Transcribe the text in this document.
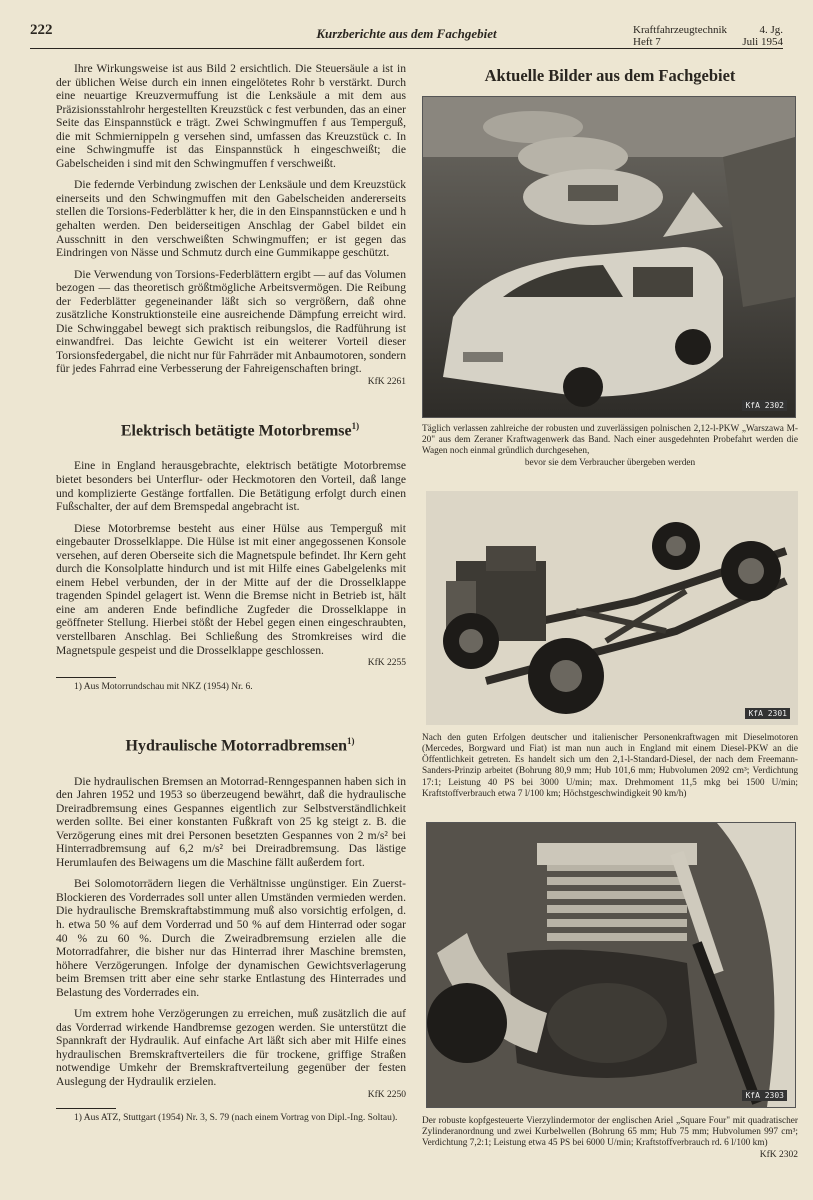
222	Kurzberichte aus dem Fachgebiet	Kraftfahrzeugtechnik	4. Jg.
Heft 7	Juli 1954

Ihre Wirkungsweise ist aus Bild 2 ersichtlich. Die Steuersäule a ist in der üblichen Weise durch ein innen eingelötetes Rohr b verstärkt. Durch eine neuartige Kreuzvermuffung ist die Lenksäule a mit dem aus Präzisionsstahlrohr hergestellten Kreuzstück c fest verbunden, das an einer Seite das Einspannstück e trägt. Zwei Schwingmuffen f aus Temperguß, die mit Schmiernippeln g versehen sind, umfassen das Kreuzstück c. In eine Schwingmuffe ist das Einspannstück h eingeschweißt; die Gabelscheiden i sind mit den Schwingmuffen f verschweißt.

Die federnde Verbindung zwischen der Lenksäule und dem Kreuzstück einerseits und den Schwingmuffen mit den Gabelscheiden andererseits stellen die Torsions-Federblätter k her, die in den Einspannstücken e und h gehalten werden. Den beiderseitigen Anschlag der Gabel bildet ein Ausschnitt in den verschweißten Schwingmuffen; er ist gegen das Eindringen von Nässe und Schmutz durch eine Gummikappe geschützt.

Die Verwendung von Torsions-Federblättern ergibt — auf das Volumen bezogen — das theoretisch größtmögliche Arbeitsvermögen. Die Reibung der Federblätter gegeneinander läßt sich so vergrößern, daß ohne zusätzliche Konstruktionsteile eine ausreichende Dämpfung erreicht wird. Die Schwinggabel bewegt sich praktisch reibungslos, die Radführung ist einwandfrei. Das leichte Gewicht ist ein weiterer Vorteil dieser Torsionsfedergabel, die nicht nur für Fahrräder mit Anbaumotoren, sondern für jedes Fahrrad eine Verbesserung der Fahreigenschaften bringt.

KfK 2261

Elektrisch betätigte Motorbremse$^{1)}$

Eine in England herausgebrachte, elektrisch betätigte Motorbremse bietet besonders bei Unterflur- oder Heckmotoren den Vorteil, daß lange und komplizierte Gestänge fortfallen. Die Betätigung erfolgt durch einen Fußschalter, der auf dem Bremspedal angebracht ist.

Diese Motorbremse besteht aus einer Hülse aus Temperguß mit eingebauter Drosselklappe. Die Hülse ist mit einer angegossenen Konsole versehen, auf deren Oberseite sich die Magnetspule befindet. Ihr Kern geht durch die Konsolplatte hindurch und ist mit Hilfe eines Gabelgelenks mit einem Hebel verbunden, der in der Mitte auf der die Drosselklappe tragenden Spindel gelagert ist. Wenn die Bremse nicht in Betrieb ist, hält eine am anderen Ende befindliche Zugfeder die Drosselklappe in geöffneter Stellung. Hierbei stößt der Hebel gegen einen eingeschraubten, verstellbaren Anschlag. Bei Schließung des Stromkreises wird die Magnetspule gespeist und die Drosselklappe geschlossen.

KfK 2255

1) Aus Motorrundschau mit NKZ (1954) Nr. 6.

Hydraulische Motorradbremsen$^{1)}$

Die hydraulischen Bremsen an Motorrad-Renngespannen haben sich in den Jahren 1952 und 1953 so überzeugend bewährt, daß die hydraulische Dreiradbremsung eines Gespannes eigentlich zur Selbstverständlichkeit werden sollte. Bei einer konstanten Fußkraft von 25 kg steigt z. B. die Verzögerung eines mit drei Personen besetzten Gespannes von 2 m/s² bei Hinterradbremsung auf 6,2 m/s² bei Dreiradbremsung. Das lästige Herumlaufen des Beiwagens um die Maschine fällt außerdem fort.

Bei Solomotorrädern liegen die Verhältnisse ungünstiger. Ein Zuerst-Blockieren des Vorderrades soll unter allen Umständen vermieden werden. Die hydraulische Bremskraftabstimmung muß also vorsichtig erfolgen, d. h. etwa 50 % auf dem Vorderrad und 50 % auf dem Hinterrad oder sogar 40 % zu 60 %. Durch die Zweiradbremsung erzielen alle die Motorradfahrer, die bisher nur das Hinterrad ihrer Maschine bremsten, höhere Verzögerungen. Infolge der dynamischen Gewichtsverlagerung beim Bremsen tritt aber eine sehr starke Entlastung des Hinterrades und Belastung des Vorderrades ein.

Um extrem hohe Verzögerungen zu erreichen, muß zusätzlich die auf das Vorderrad wirkende Handbremse gezogen werden. Sie unterstützt die Spannkraft der Hydraulik. Auf einfache Art läßt sich aber mit Hilfe eines hydraulischen Bremskraftverteilers die für trockene, griffige Straßen notwendige Umkehr der Bremskraftverteilung gegenüber der festen Auslegung der Hydraulik erzielen.

KfK 2250

1) Aus ATZ, Stuttgart (1954) Nr. 3, S. 79 (nach einem Vortrag von Dipl.-Ing. Soltau).

Aktuelle Bilder aus dem Fachgebiet

KfA 2302

Täglich verlassen zahlreiche der robusten und zuverlässigen polnischen 2,12-l-PKW „Warszawa M-20" aus dem Zeraner Kraftwagenwerk das Band. Nach einer ausgedehnten Probefahrt werden die Wagen noch einmal gründlich durchgesehen,

bevor sie dem Verbraucher übergeben werden

KfA 2301

Nach den guten Erfolgen deutscher und italienischer Personenkraftwagen mit Dieselmotoren (Mercedes, Borgward und Fiat) ist man nun auch in England mit einem Diesel-PKW an die Öffentlichkeit getreten. Es handelt sich um den 2,1-l-Standard-Diesel, der nach dem Freemann-Sanders-Prinzip arbeitet (Bohrung 80,9 mm; Hub 101,6 mm; Hubvolumen 2092 cm³; Verdichtung 17:1; Leistung 40 PS bei 3000 U/min; max. Drehmoment 11,5 mkg bei 1500 U/min; Kraftstoffverbrauch etwa 7 l/100 km; Höchstgeschwindigkeit 90 km/h)

KfA 2303

Der robuste kopfgesteuerte Vierzylindermotor der englischen Ariel „Square Four" mit quadratischer Zylinderanordnung und zwei Kurbelwellen (Bohrung 65 mm; Hub 75 mm; Hubvolumen 997 cm³; Verdichtung 7,2:1; Leistung etwa 45 PS bei 6000 U/min; Kraftstoffverbrauch rd. 6 l/100 km)
KfK 2302
